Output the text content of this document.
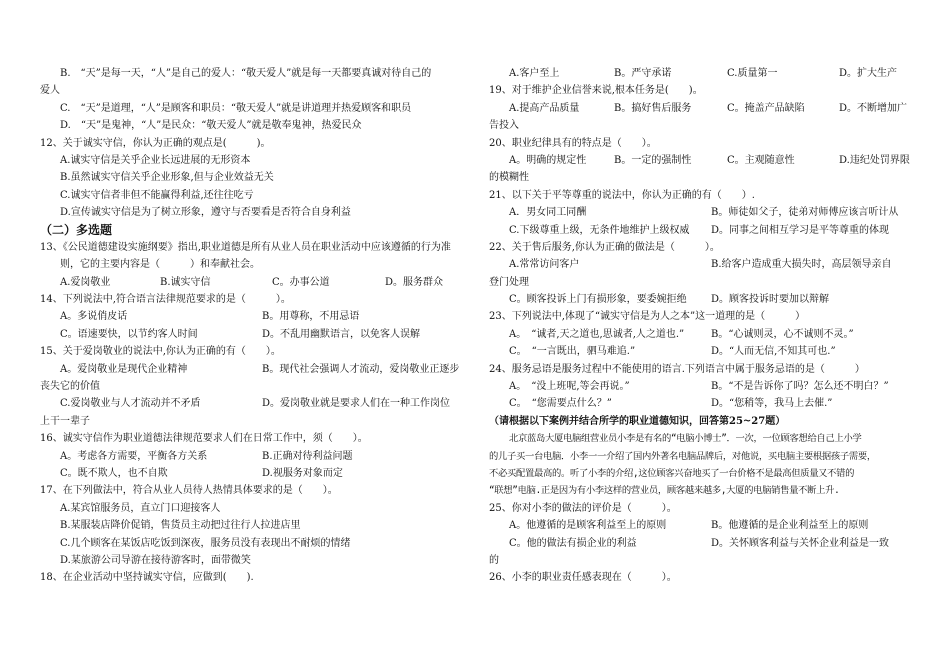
B.　“天”是每一天，“人”是自己的爱人：“敬天爱人”就是每一天都要真诚对待自己的
爱人
C.　“天”是道理，“人”是顾客和职员：“敬天爱人”就是讲道理并热爱顾客和职员
D.　“天”是鬼神，“人”是民众：“敬天爱人”就是敬奉鬼神，热爱民众
12、关于诚实守信，你认为正确的观点是(　　　)。
A.诚实守信是关乎企业长远进展的无形资本
B.虽然诚实守信关乎企业形象,但与企业效益无关
C.诚实守信者非但不能赢得利益,还往往吃亏
D.宣传诚实守信是为了树立形象，遵守与否要看是否符合自身利益
（二）多选题
13、《公民道德建设实施纲要》指出,职业道德是所有从业人员在职业活动中应该遵循的行为准
则，它的主要内容是（　　　）和奉献社会。
A.爱岗敬业	B.诚实守信	C。办事公道	D。服务群众
14、下列说法中,符合语言法律规范要求的是（　　　）。
A。多说俏皮话	B。用尊称，不用忌语
C。语速要快，以节约客人时间	D。不乱用幽默语言，以免客人误解
15、关于爱岗敬业的说法中,你认为正确的有（　　）。
A。爱岗敬业是现代企业精神	B。现代社会强调人才流动，爱岗敬业正逐步
丧失它的价值
C.爱岗敬业与人才流动并不矛盾	D。爱岗敬业就是要求人们在一种工作岗位
上干一辈子
16、诚实守信作为职业道德法律规范要求人们在日常工作中，须（　　）。
A。考虑各方需要，平衡各方关系	B.正确对待利益问题
C。既不欺人，也不自欺	D.视服务对象而定
17、在下列做法中，符合从业人员待人热情具体要求的是（　　）。
A.某宾馆服务员，直立门口迎接客人
B.某服装店降价促销，售货员主动把过往行人拉进店里
C.几个顾客在某饭店吃饭到深夜，服务员没有表现出不耐烦的情绪
D.某旅游公司导游在接待游客时，面带微笑
18、在企业活动中坚持诚实守信，应做到(　　).
A.客户至上	B。严守承诺	C.质量第一	D。扩大生产
19、对于维护企业信誉来说,根本任务是(　　)。
A.提高产品质量	B。搞好售后服务	C。掩盖产品缺陷	D。不断增加广
告投入
20、职业纪律具有的特点是（　　）。
A。明确的规定性	B。一定的强制性	C。主观随意性	D.违纪处罚界限
的模糊性
21、以下关于平等尊重的说法中，你认为正确的有（　　）.
A．男女同工同酬	B。师徒如父子，徒弟对师傅应该言听计从
C.下级尊重上级，无条件地维护上级权威 D。同事之间相互学习是平等尊重的体现
22、关于售后服务,你认为正确的做法是（　　　）。
A.常常访问客户	B.给客户造成重大损失时，高层领导亲自
登门处理
C。顾客投诉上门有损形象，要委婉拒绝 D。顾客投诉时要加以辩解
23、下列说法中,体现了“诚实守信是为人之本”这一道理的是（　　　）
A。　“诚者,天之道也,思诚者,人之道也.”	B。“心诚则灵，心不诚则不灵。”
C。　“一言既出，驷马难追.”	D。“人而无信,不知其可也.”
24、服务忌语是服务过程中不能使用的语言.下列语言中属于服务忌语的是（　　　）
A。　“没上班呢,等会再说。”	B。“不是告诉你了吗？怎么还不明白？”
C。　“您需要点什么？”	D。“您稍等，我马上去催.”
（请根据以下案例并结合所学的职业道德知识，回答第25~27题）
北京蓝岛大厦电脑组营业员小李是有名的“电脑小博士”．一次，一位顾客想给自己上小学
的儿子买一台电脑．小李一一介绍了国内外著名电脑品牌后，对他说，买电脑主要根据孩子需要，
不必买配置最高的。听了小李的介绍,这位顾客兴奋地买了一台价格不是最高但质量又不错的
“联想”电脑.正是因为有小李这样的营业员，顾客越来越多,大厦的电脑销售量不断上升.
25、你对小李的做法的评价是（　　　）。
A。他遵循的是顾客利益至上的原则	B。他遵循的是企业利益至上的原则
C。他的做法有损企业的利益	D。关怀顾客利益与关怀企业利益是一致
的
26、小李的职业责任感表现在（　　　）。
